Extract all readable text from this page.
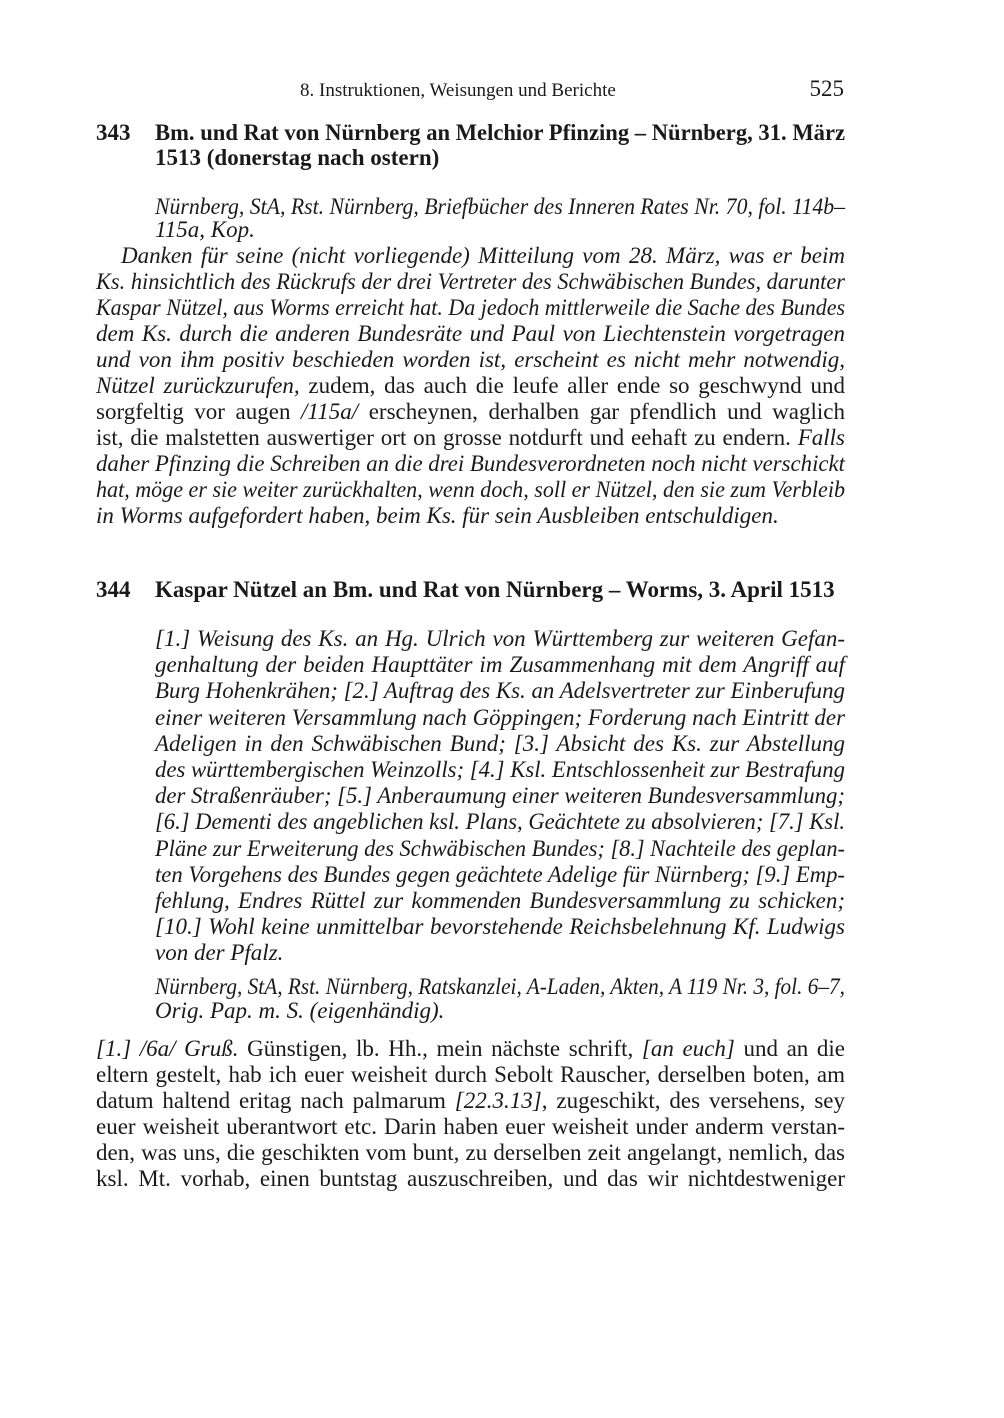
8. Instruktionen, Weisungen und Berichte	525
343
344
Bm. und Rat von Nürnberg an Melchior Pfinzing – Nürnberg, 31. März
1513 (donerstag nach ostern)
Nürnberg, StA, Rst. Nürnberg, Briefbücher des Inneren Rates Nr. 70, fol. 114b–
115a, Kop.
Danken für seine (nicht vorliegende) Mitteilung vom 28. März, was er beim
Ks. hinsichtlich des Rückrufs der drei Vertreter des Schwäbischen Bundes, darunter
Kaspar Nützel, aus Worms erreicht hat. Da jedoch mittlerweile die Sache des Bundes
dem Ks. durch die anderen Bundesräte und Paul von Liechtenstein vorgetragen
und von ihm positiv beschieden worden ist, erscheint es nicht mehr notwendig,
Nützel zurückzurufen, zudem, das auch die leufe aller ende so geschwynd und
sorgfeltig vor augen /115a/ erscheynen, derhalben gar pfendlich und waglich
ist, die malstetten auswertiger ort on grosse notdurft und eehaft zu endern. Falls
daher Pfinzing die Schreiben an die drei Bundesverordneten noch nicht verschickt
hat, möge er sie weiter zurückhalten, wenn doch, soll er Nützel, den sie zum Verbleib
in Worms aufgefordert haben, beim Ks. für sein Ausbleiben entschuldigen.
Kaspar Nützel an Bm. und Rat von Nürnberg – Worms, 3. April 1513
[1.] Weisung des Ks. an Hg. Ulrich von Württemberg zur weiteren Gefan-
genhaltung der beiden Haupttäter im Zusammenhang mit dem Angriff auf
Burg Hohenkrähen; [2.] Auftrag des Ks. an Adelsvertreter zur Einberufung
einer weiteren Versammlung nach Göppingen; Forderung nach Eintritt der
Adeligen in den Schwäbischen Bund; [3.] Absicht des Ks. zur Abstellung
des württembergischen Weinzolls; [4.] Ksl. Entschlossenheit zur Bestrafung
der Straßenräuber; [5.] Anberaumung einer weiteren Bundesversammlung;
[6.] Dementi des angeblichen ksl. Plans, Geächtete zu absolvieren; [7.] Ksl.
Pläne zur Erweiterung des Schwäbischen Bundes; [8.] Nachteile des geplan-
ten Vorgehens des Bundes gegen geächtete Adelige für Nürnberg; [9.] Emp-
fehlung, Endres Rüttel zur kommenden Bundesversammlung zu schicken;
[10.] Wohl keine unmittelbar bevorstehende Reichsbelehnung Kf. Ludwigs
von der Pfalz.
Nürnberg, StA, Rst. Nürnberg, Ratskanzlei, A-Laden, Akten, A 119 Nr. 3, fol. 6–7,
Orig. Pap. m. S. (eigenhändig).
[1.] /6a/ Gruß. Günstigen, lb. Hh., mein nächste schrift, [an euch] und an die
eltern gestelt, hab ich euer weisheit durch Sebolt Rauscher, derselben boten, am
datum haltend eritag nach palmarum [22.3.13], zugeschikt, des versehens, sey
euer weisheit uberantwort etc. Darin haben euer weisheit under anderm verstan-
den, was uns, die geschikten vom bunt, zu derselben zeit angelangt, nemlich, das
ksl. Mt. vorhab, einen buntstag auszuschreiben, und das wir nichtdestweniger
